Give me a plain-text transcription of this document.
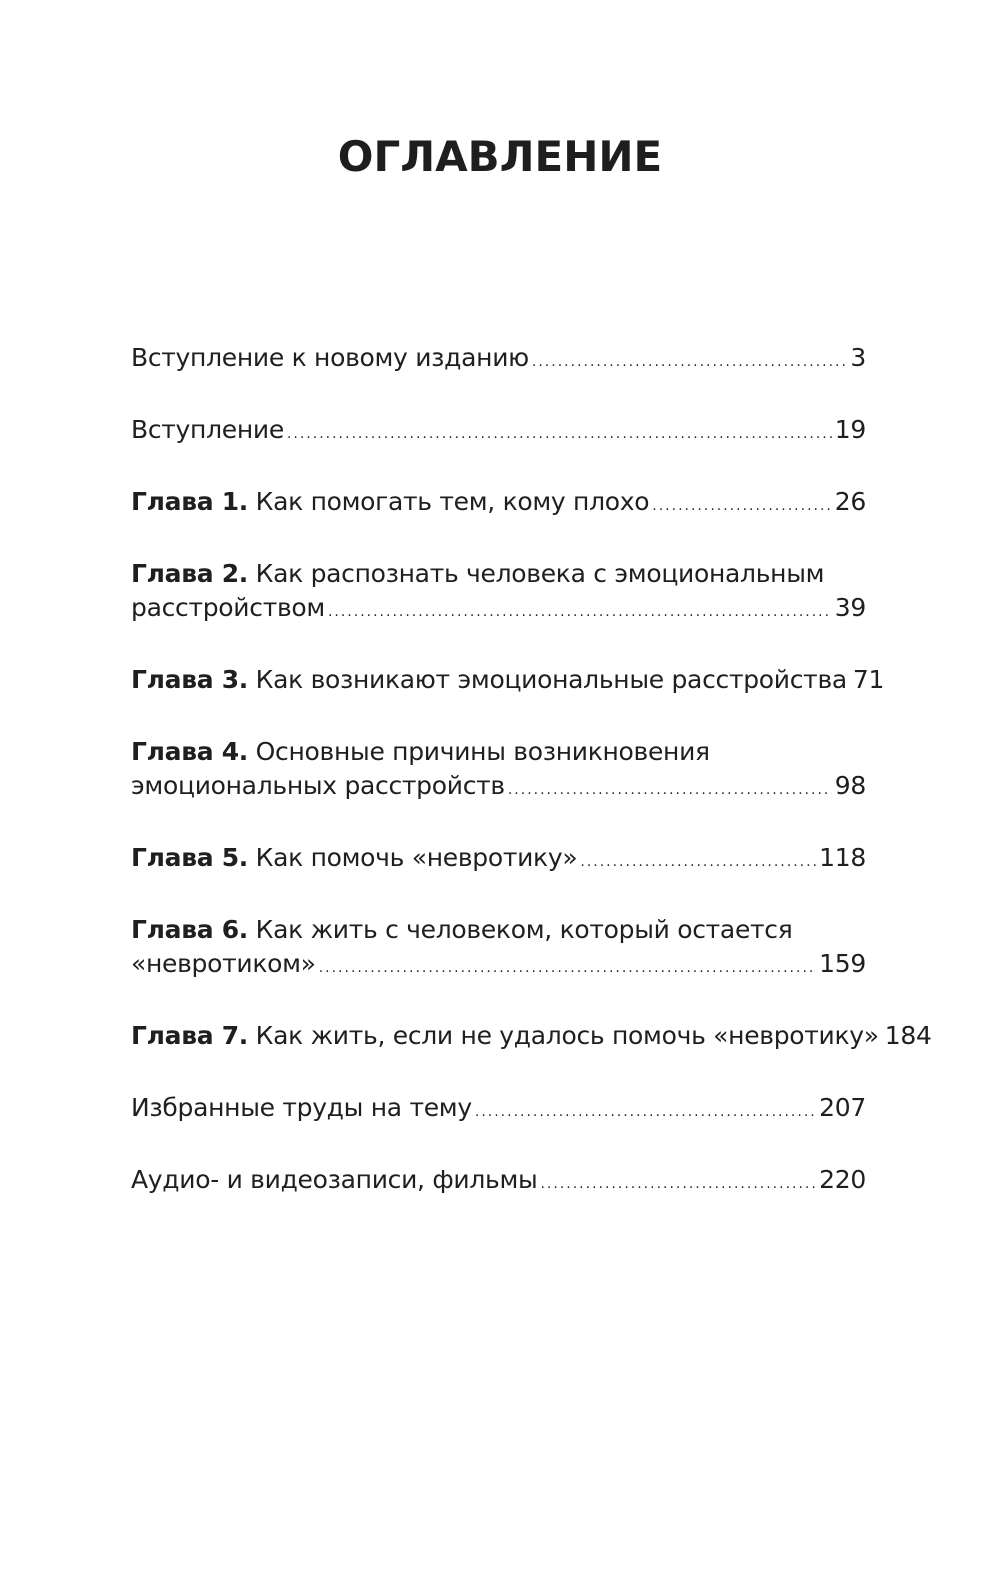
ОГЛАВЛЕНИЕ
Вступление к новому изданию .....	3
Вступление .....	19
Глава 1. Как помогать тем, кому плохо .....	26
Глава 2. Как распознать человека с эмоциональным
расстройством .....	39
Глава 3. Как возникают эмоциональные расстройства 71
Глава 4. Основные причины возникновения
эмоциональных расстройств .....	98
Глава 5. Как помочь «невротику» .....	118
Глава 6. Как жить с человеком, который остается
«невротиком» .....	159
Глава 7. Как жить, если не удалось помочь «невротику» 184
Избранные труды на тему .....	207
Аудио- и видеозаписи, фильмы .....	220
